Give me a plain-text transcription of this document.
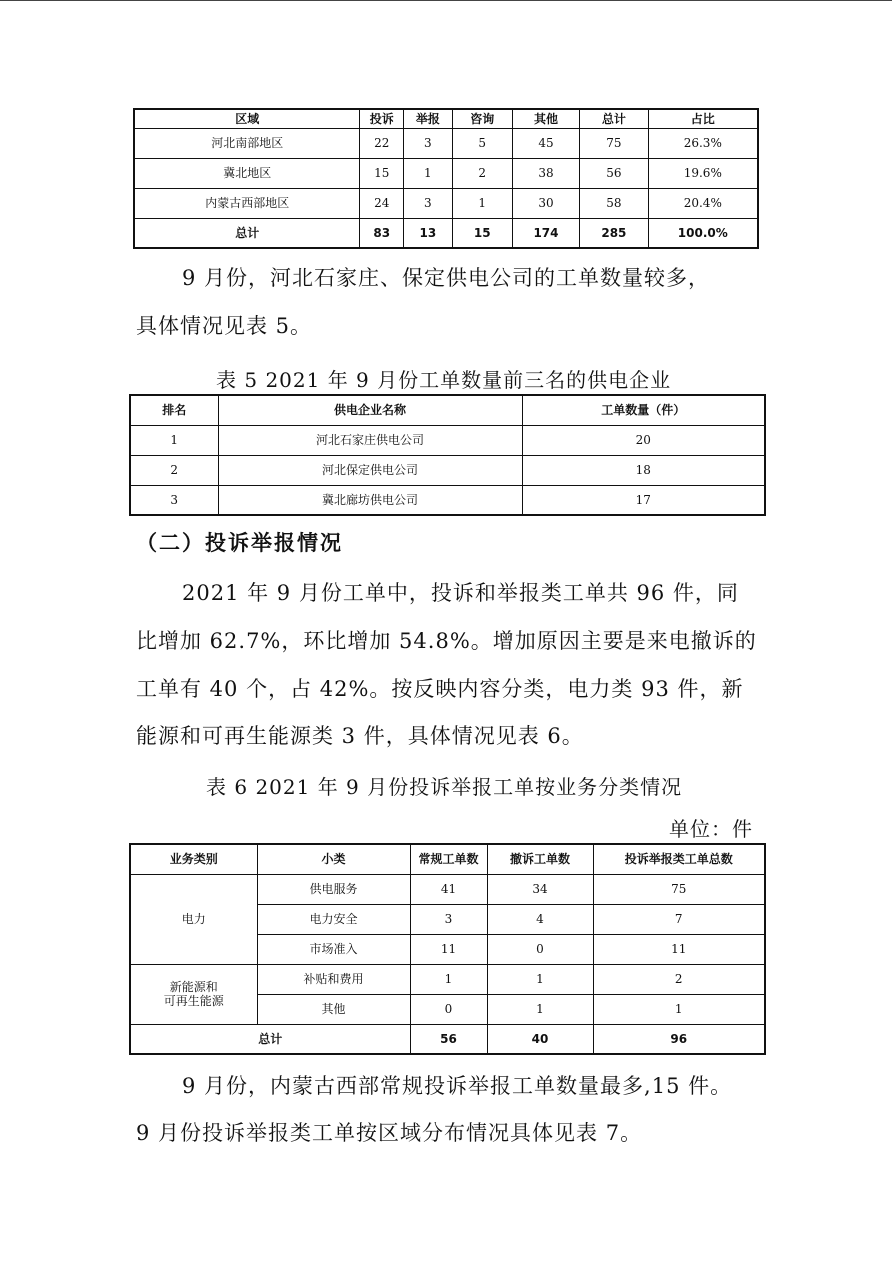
区域	投诉	举报	咨询	其他	总计	占比
河北南部地区	22	3	5	45	75	26.3%
冀北地区	15	1	2	38	56	19.6%
内蒙古西部地区	24	3	1	30	58	20.4%
总计	83	13	15	174	285	100.0%
9 月份，河北石家庄、保定供电公司的工单数量较多，
具体情况见表 5。
表 5 2021 年 9 月份工单数量前三名的供电企业
排名	供电企业名称	工单数量（件）
1	河北石家庄供电公司	20
2	河北保定供电公司	18
3	冀北廊坊供电公司	17
（二）投诉举报情况
2021 年 9 月份工单中，投诉和举报类工单共 96 件，同
比增加 62.7%，环比增加 54.8%。增加原因主要是来电撤诉的
工单有 40 个，占 42%。按反映内容分类，电力类 93 件，新
能源和可再生能源类 3 件，具体情况见表 6。
表 6 2021 年 9 月份投诉举报工单按业务分类情况
单位：件
业务类别	小类	常规工单数	撤诉工单数	投诉举报类工单总数
电力	供电服务	41	34	75
	电力安全	3	4	7
	市场准入	11	0	11

新能源和
可再生能源	补贴和费用	1	1	2
	其他	0	1	1
总计		56	40	96
9 月份，内蒙古西部常规投诉举报工单数量最多,15 件。
9 月份投诉举报类工单按区域分布情况具体见表 7。
